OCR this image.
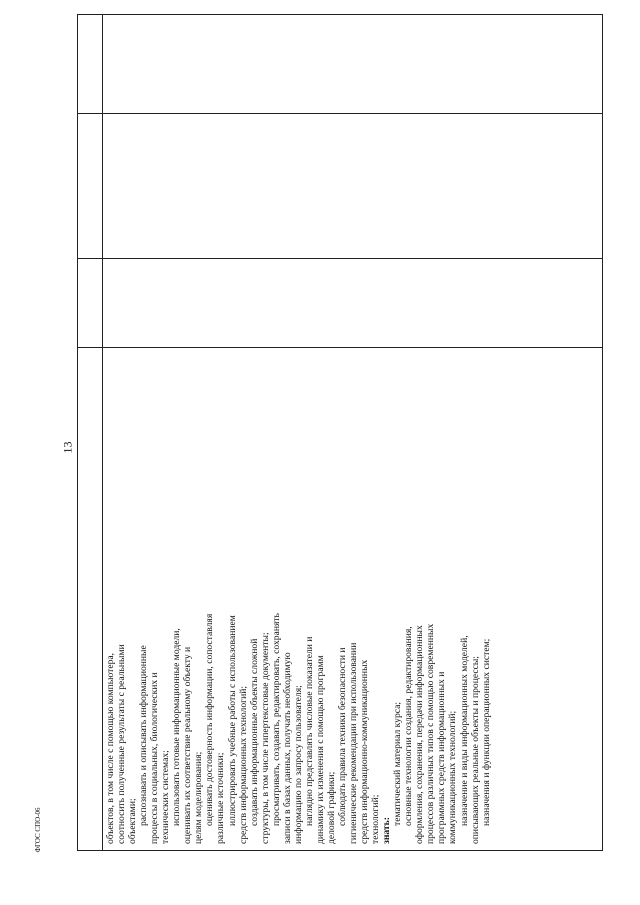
13
ФГОС СПО-06	объектов, в том числе с помощью компьютера, соотносить полученные результаты с реальными объектами; распознавать и описывать информационные процессы в социальных, биологических и технических системах; использовать готовые информационные модели, оценивать их соответствие реальному объекту и целям моделирования; оценивать достоверность информации, сопоставляя различные источники; иллюстрировать учебные работы с использованием средств информационных технологий; создавать информационные объекты сложной структуры, в том числе гипертекстовые документы; просматривать, создавать, редактировать, сохранять записи в базах данных, получать необходимую информацию по запросу пользователя; наглядно представлять числовые показатели и динамику их изменения с помощью программ деловой графики; соблюдать правила техники безопасности и гигиенические рекомендации при использовании средств информационно-коммуникационных технологий; знать:
тематический материал курса; основные технологии создания, редактирования, оформления, сохранения, передачи информационных процессов различных типов с помощью современных программных средств информационных и коммуникационных технологий; назначение и виды информационных моделей, описывающих реальные объекты и процессы; назначения и функции операционных систем;
